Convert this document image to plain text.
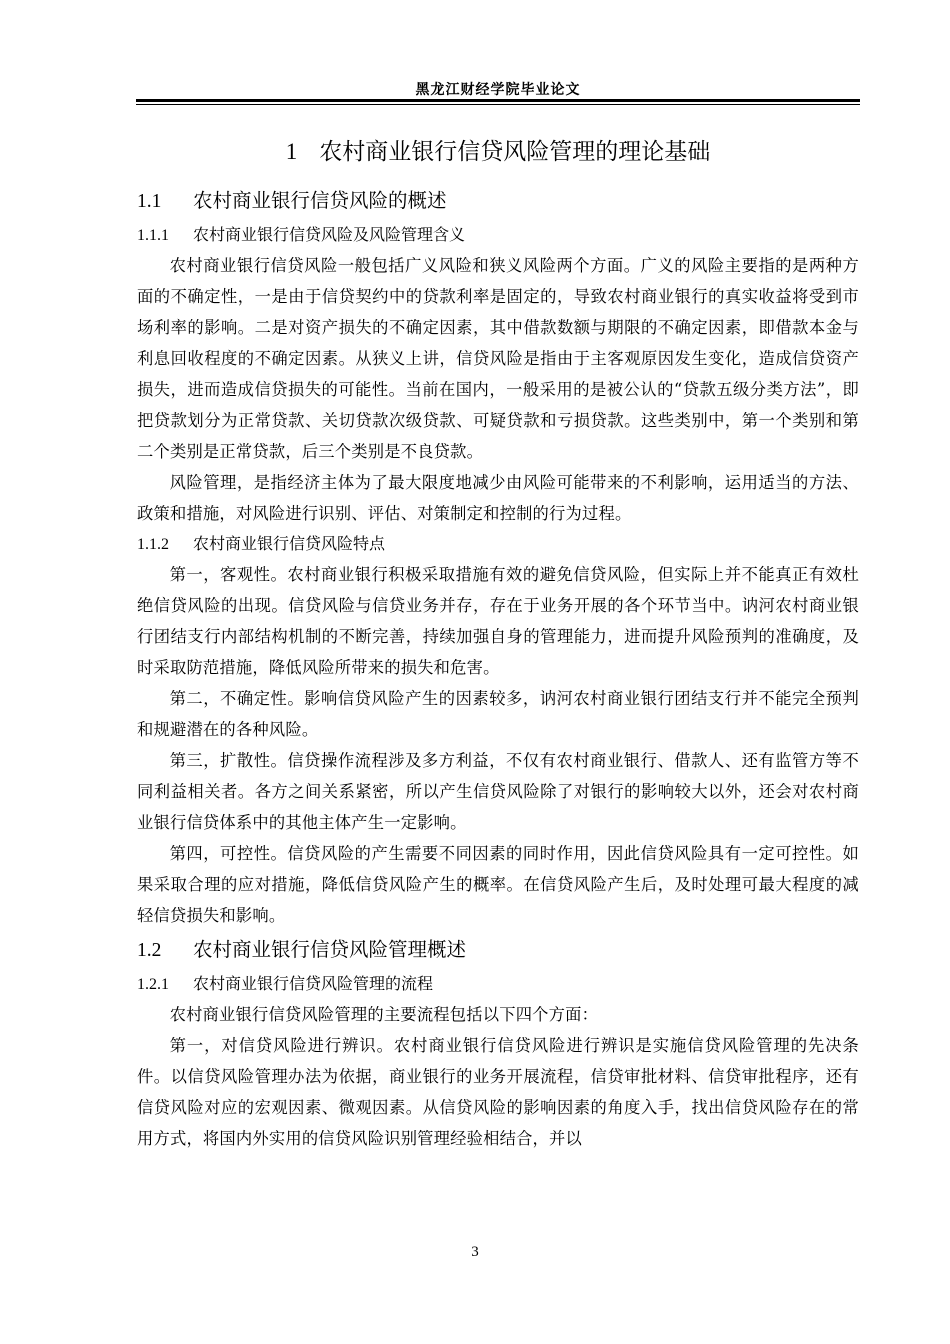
黑龙江财经学院毕业论文
1 农村商业银行信贷风险管理的理论基础
1.1 农村商业银行信贷风险的概述
1.1.1 农村商业银行信贷风险及风险管理含义

农村商业银行信贷风险一般包括广义风险和狭义风险两个方面。广义的风险主要指的是两种方面的不确定性，一是由于信贷契约中的贷款利率是固定的，导致农村商业银行的真实收益将受到市场利率的影响。二是对资产损失的不确定因素，其中借款数额与期限的不确定因素，即借款本金与利息回收程度的不确定因素。从狭义上讲，信贷风险是指由于主客观原因发生变化，造成信贷资产损失，进而造成信贷损失的可能性。当前在国内，一般采用的是被公认的“贷款五级分类方法”，即把贷款划分为正常贷款、关切贷款次级贷款、可疑贷款和亏损贷款。这些类别中，第一个类别和第二个类别是正常贷款，后三个类别是不良贷款。

风险管理，是指经济主体为了最大限度地减少由风险可能带来的不利影响，运用适当的方法、政策和措施，对风险进行识别、评估、对策制定和控制的行为过程。

1.1.2 农村商业银行信贷风险特点

第一，客观性。农村商业银行积极采取措施有效的避免信贷风险，但实际上并不能真正有效杜绝信贷风险的出现。信贷风险与信贷业务并存，存在于业务开展的各个环节当中。讷河农村商业银行团结支行内部结构机制的不断完善，持续加强自身的管理能力，进而提升风险预判的准确度，及时采取防范措施，降低风险所带来的损失和危害。

第二，不确定性。影响信贷风险产生的因素较多，讷河农村商业银行团结支行并不能完全预判和规避潜在的各种风险。

第三，扩散性。信贷操作流程涉及多方利益，不仅有农村商业银行、借款人、还有监管方等不同利益相关者。各方之间关系紧密，所以产生信贷风险除了对银行的影响较大以外，还会对农村商业银行信贷体系中的其他主体产生一定影响。

第四，可控性。信贷风险的产生需要不同因素的同时作用，因此信贷风险具有一定可控性。如果采取合理的应对措施，降低信贷风险产生的概率。在信贷风险产生后，及时处理可最大程度的减轻信贷损失和影响。

1.2 农村商业银行信贷风险管理概述
1.2.1 农村商业银行信贷风险管理的流程

农村商业银行信贷风险管理的主要流程包括以下四个方面：

第一，对信贷风险进行辨识。农村商业银行信贷风险进行辨识是实施信贷风险管理的先决条件。以信贷风险管理办法为依据，商业银行的业务开展流程，信贷审批材料、信贷审批程序，还有信贷风险对应的宏观因素、微观因素。从信贷风险的影响因素的角度入手，找出信贷风险存在的常用方式，将国内外实用的信贷风险识别管理经验相结合，并以

3
